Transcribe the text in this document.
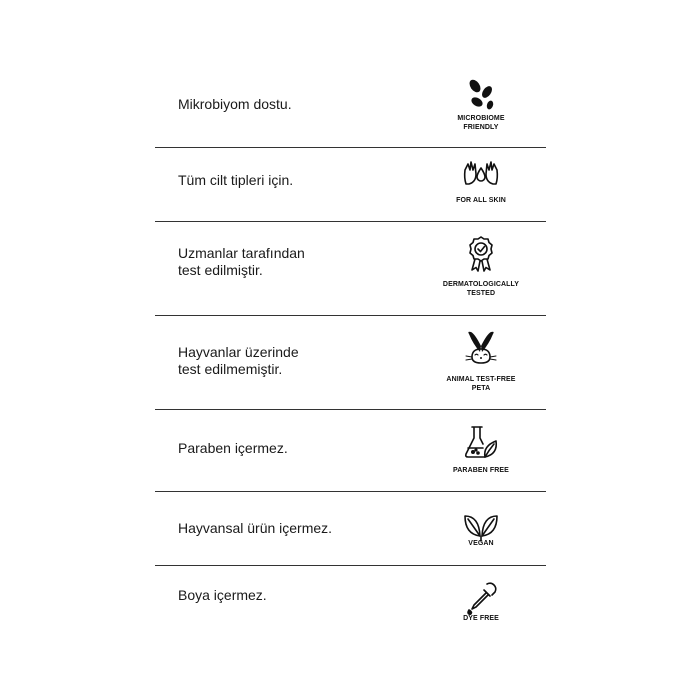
Mikrobiyom dostu.
MICROBIOME
FRIENDLY
Tüm cilt tipleri için.
FOR ALL SKIN
Uzmanlar tarafından
test edilmiştir.
DERMATOLOGICALLY
TESTED
Hayvanlar üzerinde
test edilmemiştir.
ANIMAL TEST-FREE
PETA
Paraben içermez.
PARABEN FREE
Hayvansal ürün içermez.
VEGAN
Boya içermez.
DYE FREE
